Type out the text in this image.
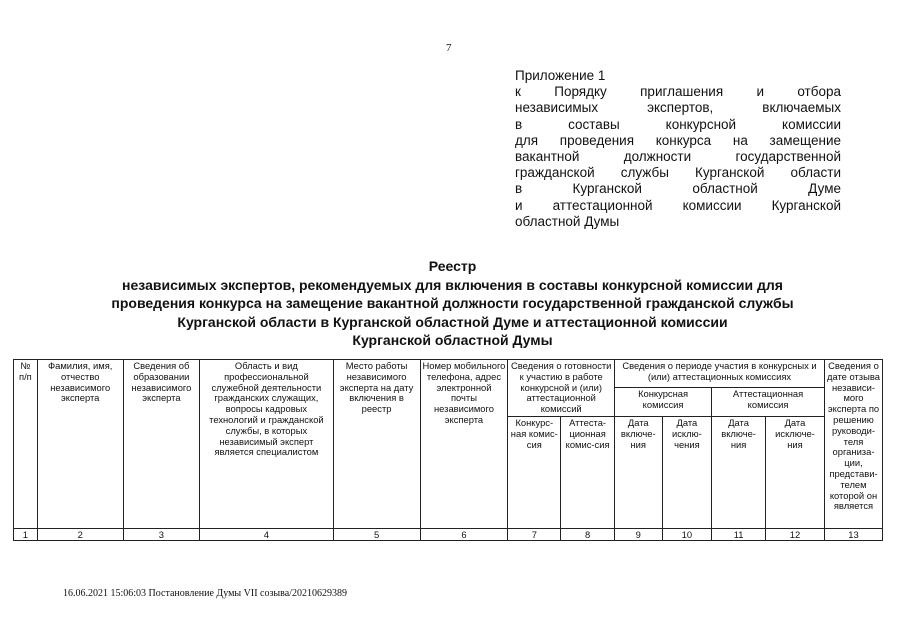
7
Приложение 1
к Порядку приглашения и отбора
независимых экспертов, включаемых
в составы конкурсной комиссии
для проведения конкурса на замещение
вакантной должности государственной
гражданской службы Курганской области
в Курганской областной Думе
и аттестационной комиссии Курганской
областной Думы
Реестр
независимых экспертов, рекомендуемых для включения в составы конкурсной комиссии для
проведения конкурса на замещение вакантной должности государственной гражданской службы
Курганской области в Курганской областной Думе и аттестационной комиссии
Курганской областной Думы
№ п/п	Фамилия, имя, отчество независимого эксперта	Сведения об образовании независимого эксперта	Область и вид профессиональной служебной деятельности гражданских служащих, вопросы кадровых технологий и гражданской службы, в которых независимый эксперт является специалистом	Место работы независимого эксперта на дату включения в реестр	Номер мобильного телефона, адрес электронной почты независимого эксперта	Сведения о готовности к участию в работе конкурсной и (или) аттестационной комиссий		Сведения о периоде участия в конкурсных и (или) аттестационных комиссиях				Сведения о дате отзыва независи-мого эксперта по решению руководи-теля организа-ции, представи-телем которой он является
								Конкурсная комиссия		Аттестационная комиссия		
						Конкурс-ная комис-сия	Аттеста-ционная комис-сия	Дата включе-ния	Дата исклю-чения	Дата включе-ния	Дата исключе-ния	
1	2	3	4	5	6	7	8	9	10	11	12	13
16.06.2021 15:06:03 Постановление Думы VII созыва/20210629389
